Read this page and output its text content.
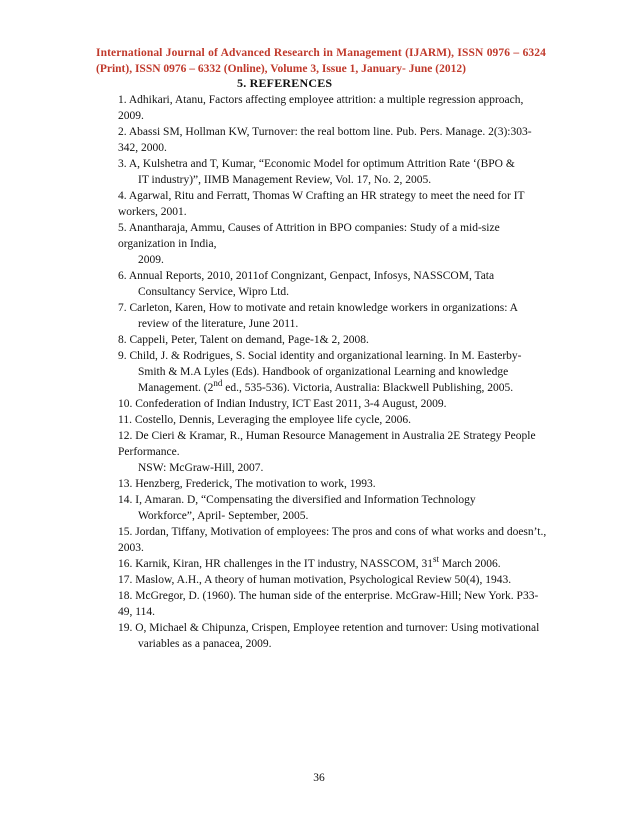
International Journal of Advanced Research in Management (IJARM), ISSN 0976 – 6324
(Print), ISSN 0976 – 6332 (Online), Volume 3, Issue 1, January- June (2012)
5. REFERENCES
1. Adhikari, Atanu, Factors affecting employee attrition: a multiple regression approach,
2009.
2. Abassi SM, Hollman KW, Turnover: the real bottom line. Pub. Pers. Manage. 2(3):303-
342, 2000.
3. A, Kulshetra and T, Kumar, “Economic Model for optimum Attrition Rate ‘(BPO &
IT industry)”, IIMB Management Review, Vol. 17, No. 2, 2005.
4. Agarwal, Ritu and Ferratt, Thomas W Crafting an HR strategy to meet the need for IT
workers, 2001.
5. Anantharaja, Ammu, Causes of Attrition in BPO companies: Study of a mid-size
organization in India,
2009.
6. Annual Reports, 2010, 2011of Congnizant, Genpact, Infosys, NASSCOM, Tata
Consultancy Service, Wipro Ltd.
7. Carleton, Karen, How to motivate and retain knowledge workers in organizations: A
review of the literature, June 2011.
8. Cappeli, Peter, Talent on demand, Page-1& 2, 2008.
9. Child, J. & Rodrigues, S. Social identity and organizational learning. In M. Easterby-
Smith & M.A Lyles (Eds). Handbook of organizational Learning and knowledge
Management. (2nd ed., 535-536). Victoria, Australia: Blackwell Publishing, 2005.
10. Confederation of Indian Industry, ICT East 2011, 3-4 August, 2009.
11. Costello, Dennis, Leveraging the employee life cycle, 2006.
12. De Cieri & Kramar, R., Human Resource Management in Australia 2E Strategy People
Performance.
NSW: McGraw-Hill, 2007.
13. Henzberg, Frederick, The motivation to work, 1993.
14. I, Amaran. D, “Compensating the diversified and Information Technology
Workforce”, April- September, 2005.
15. Jordan, Tiffany, Motivation of employees: The pros and cons of what works and doesn’t.,
2003.
16. Karnik, Kiran, HR challenges in the IT industry, NASSCOM, 31st March 2006.
17. Maslow, A.H., A theory of human motivation, Psychological Review 50(4), 1943.
18. McGregor, D. (1960). The human side of the enterprise. McGraw-Hill; New York. P33-
49, 114.
19. O, Michael & Chipunza, Crispen, Employee retention and turnover: Using motivational
variables as a panacea, 2009.
36
